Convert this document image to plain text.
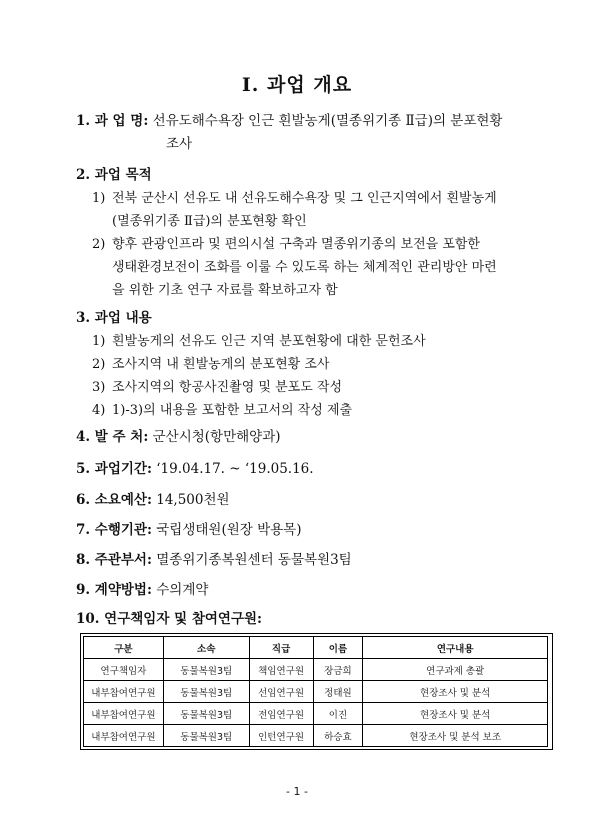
Ⅰ. 과업 개요
1. 과 업 명: 선유도해수욕장 인근 흰발농게(멸종위기종 Ⅱ급)의 분포현황
조사
2. 과업 목적
1) 전북 군산시 선유도 내 선유도해수욕장 및 그 인근지역에서 흰발농게
(멸종위기종 Ⅱ급)의 분포현황 확인
2) 향후 관광인프라 및 편의시설 구축과 멸종위기종의 보전을 포함한
생태환경보전이 조화를 이룰 수 있도록 하는 체계적인 관리방안 마련
을 위한 기초 연구 자료를 확보하고자 함
3. 과업 내용
1) 흰발농게의 선유도 인근 지역 분포현황에 대한 문헌조사
2) 조사지역 내 흰발농게의 분포현황 조사
3) 조사지역의 항공사진촬영 및 분포도 작성
4) 1)-3)의 내용을 포함한 보고서의 작성 제출
4. 발 주 처: 군산시청(항만해양과)
5. 과업기간: ‘19.04.17. ~ ‘19.05.16.
6. 소요예산: 14,500천원
7. 수행기관: 국립생태원(원장 박용목)
8. 주관부서: 멸종위기종복원센터 동물복원3팀
9. 계약방법: 수의계약
10. 연구책임자 및 참여연구원:
구분	소속	직급	이름	연구내용
연구책임자	동물복원3팀	책임연구원	장금희	연구과제 총괄
내부참여연구원	동물복원3팀	선임연구원	정태원	현장조사 및 분석
내부참여연구원	동물복원3팀	전임연구원	이진	현장조사 및 분석
내부참여연구원	동물복원3팀	인턴연구원	하승효	현장조사 및 분석 보조
- 1 -
